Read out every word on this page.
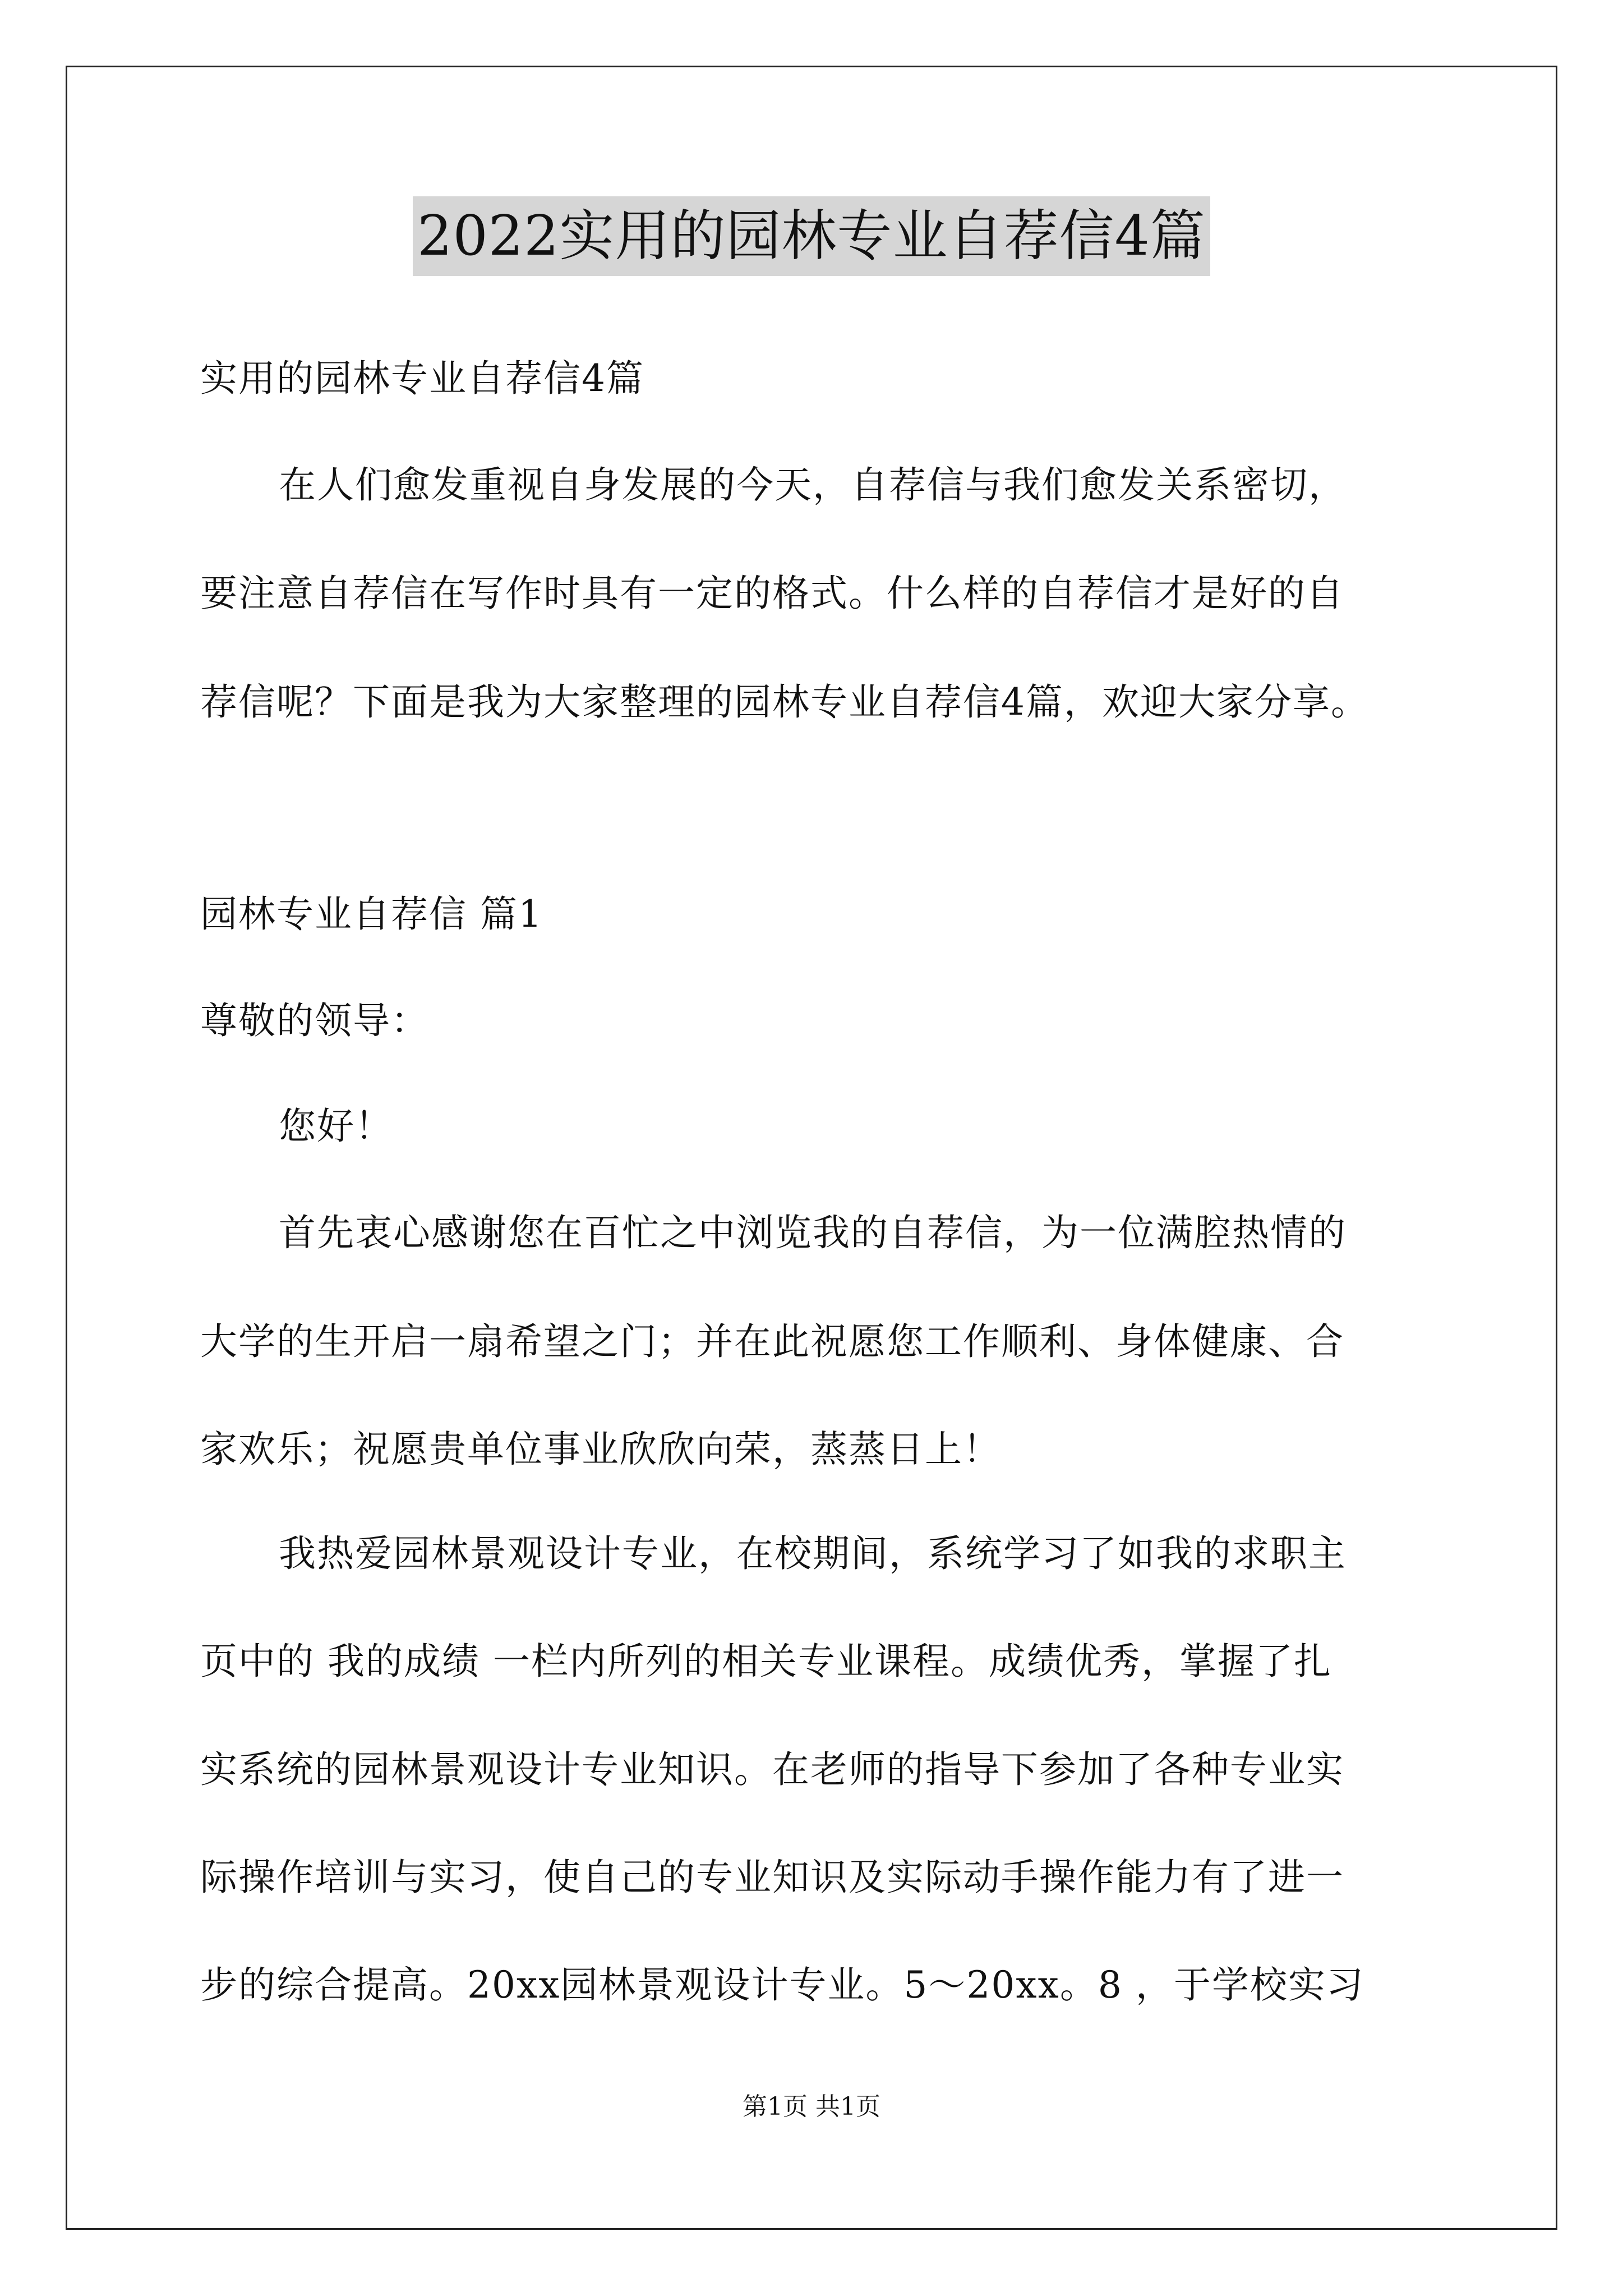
2022实用的园林专业自荐信4篇
实用的园林专业自荐信4篇
在人们愈发重视自身发展的今天，自荐信与我们愈发关系密切，
要注意自荐信在写作时具有一定的格式。什么样的自荐信才是好的自
荐信呢？下面是我为大家整理的园林专业自荐信4篇，欢迎大家分享。
园林专业自荐信 篇1
尊敬的领导：
您好！
首先衷心感谢您在百忙之中浏览我的自荐信，为一位满腔热情的
大学的生开启一扇希望之门；并在此祝愿您工作顺利、身体健康、合
家欢乐；祝愿贵单位事业欣欣向荣，蒸蒸日上！
我热爱园林景观设计专业，在校期间，系统学习了如我的求职主
页中的 我的成绩 一栏内所列的相关专业课程。成绩优秀，掌握了扎
实系统的园林景观设计专业知识。在老师的指导下参加了各种专业实
际操作培训与实习，使自己的专业知识及实际动手操作能力有了进一
步的综合提高。20xx园林景观设计专业。5～20xx。8 ，于学校实习
第1页 共1页
